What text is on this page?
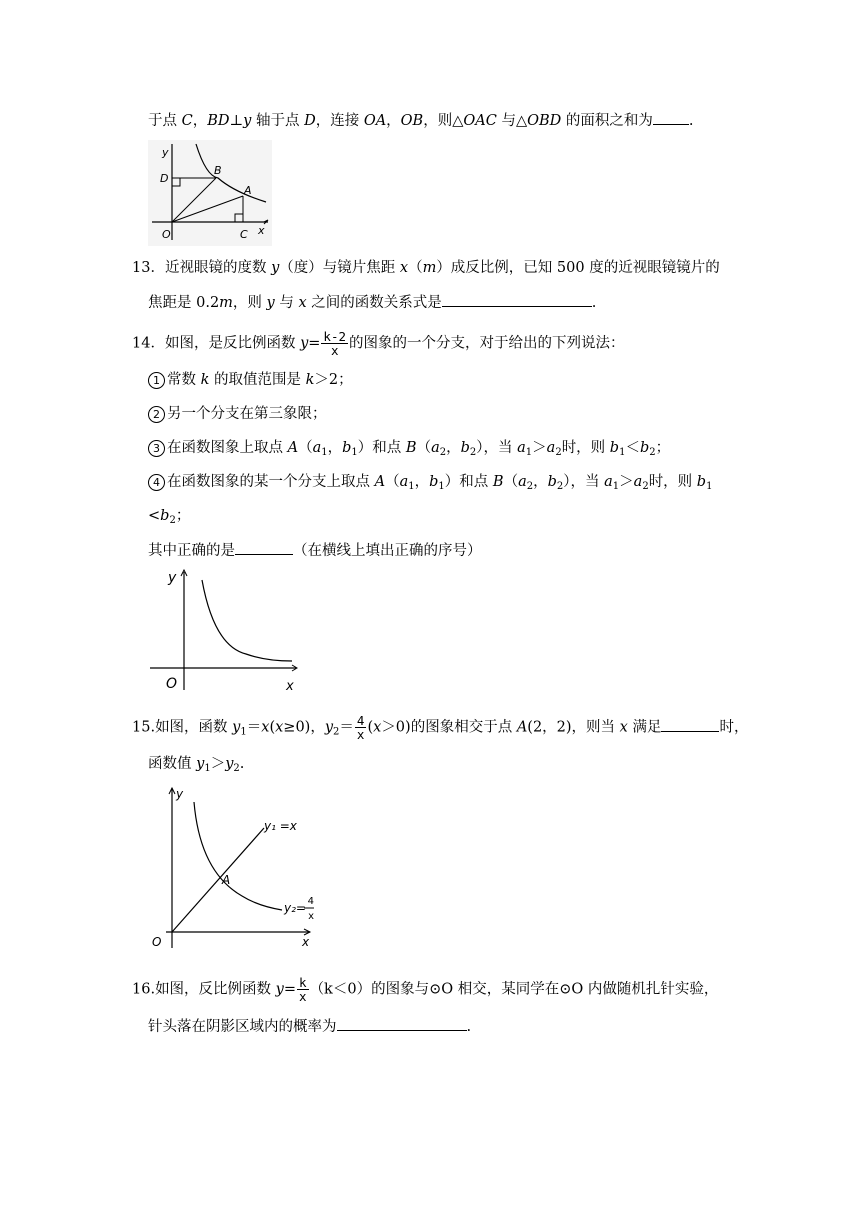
于点 C，BD⊥y 轴于点 D，连接 OA，OB，则△OAC 与△OBD 的面积之和为 .
y
D
B
A
O	C x
13．近视眼镜的度数 y（度）与镜片焦距 x（m）成反比例，已知 500 度的近视眼镜镜片的
焦距是 0.2m，则 y 与 x 之间的函数关系式是	.
14．如图，是反比例函数 $y= \frac{k-2}{x}$ 的图象的一个分支，对于给出的下列说法：
1 常数 k 的取值范围是 k＞2；
2 另一个分支在第三象限；
3 在函数图象上取点 $A(a_1$，$b_1$）和点 $B(a_2$，$b_2$），当 $a_1>a_2$时，则 $b_1<b_2$；
4 在函数图象的某一个分支上取点 $A(a_1$，$b_1$）和点 $B(a_2$，$b_2$），当 $a_1>a_2$时，则 $b_1$
$<b_2$；
其中正确的是	（在横线上填出正确的序号）
y
O	x
15.如图，函数 $y_1=x(x\ge 0)$，$y_2= \frac{4}{x} (x>0)$的图象相交于点 A(2，2)，则当 x 满足	时，
函数值 $y_1>y_2$.
y
y₁ =x
A
y₂= 4
x
O	x
16.如图，反比例函数 $y= \frac{k}{x} (k<0)$的图象与⊙O 相交，某同学在⊙O 内做随机扎针实验，
针头落在阴影区域内的概率为	.
